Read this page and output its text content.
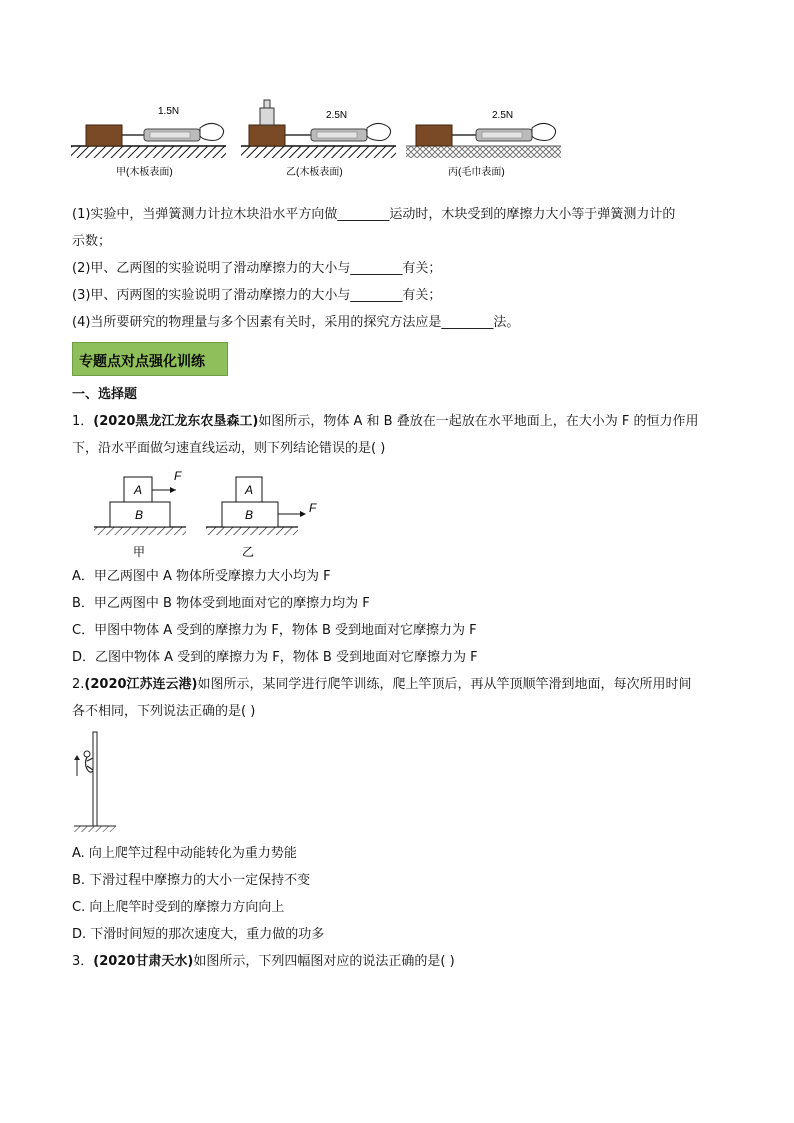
1.5N	2.5N	2.5N
甲(木板表面)	乙(木板表面)	丙(毛巾表面)
(1)实验中，当弹簧测力计拉木块沿水平方向做________运动时，木块受到的摩擦力大小等于弹簧测力计的
示数；
(2)甲、乙两图的实验说明了滑动摩擦力的大小与________有关；
(3)甲、丙两图的实验说明了滑动摩擦力的大小与________有关；
(4)当所要研究的物理量与多个因素有关时，采用的探究方法应是________法。
专题点对点强化训练
一、选择题
1．(2020黑龙江龙东农垦森工)如图所示，物体 A 和 B 叠放在一起放在水平地面上，在大小为 F 的恒力作用
下，沿水平面做匀速直线运动，则下列结论错误的是( )
A
B
F
甲
A
B	F
乙
A．甲乙两图中 A 物体所受摩擦力大小均为 F
B．甲乙两图中 B 物体受到地面对它的摩擦力均为 F
C．甲图中物体 A 受到的摩擦力为 F，物体 B 受到地面对它摩擦力为 F
D．乙图中物体 A 受到的摩擦力为 F，物体 B 受到地面对它摩擦力为 F
2.(2020江苏连云港)如图所示，某同学进行爬竿训练，爬上竿顶后，再从竿顶顺竿滑到地面，每次所用时间
各不相同，下列说法正确的是( )
A. 向上爬竿过程中动能转化为重力势能
B. 下滑过程中摩擦力的大小一定保持不变
C. 向上爬竿时受到的摩擦力方向向上
D. 下滑时间短的那次速度大，重力做的功多
3．(2020甘肃天水)如图所示，下列四幅图对应的说法正确的是( )
